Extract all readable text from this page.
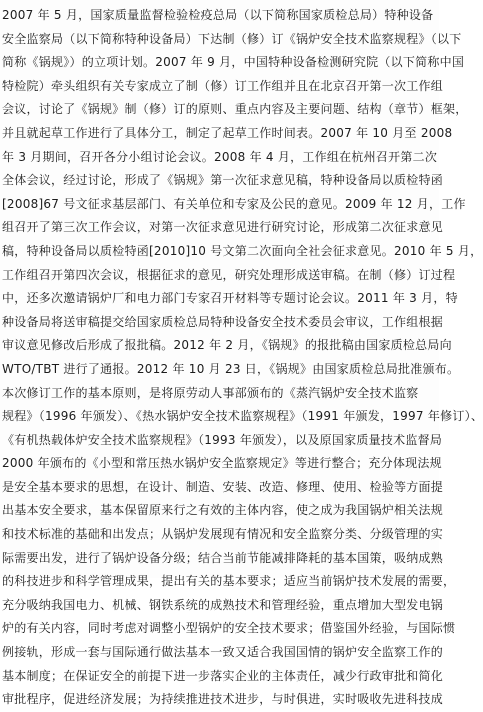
2007 年 5 月，国家质量监督检验检疫总局（以下简称国家质检总局）特种设备
安全监察局（以下简称特种设备局）下达制（修）订《锅炉安全技术监察规程》（以下
简称《锅规》）的立项计划。2007 年 9 月，中国特种设备检测研究院（以下简称中国
特检院）牵头组织有关专家成立了制（修）订工作组并且在北京召开第一次工作组
会议，讨论了《锅规》制（修）订的原则、重点内容及主要问题、结构（章节）框架，
并且就起草工作进行了具体分工，制定了起草工作时间表。2007 年 10 月至 2008
年 3 月期间，召开各分小组讨论会议。2008 年 4 月，工作组在杭州召开第二次
全体会议，经过讨论，形成了《锅规》第一次征求意见稿，特种设备局以质检特函
[2008]67 号文征求基层部门、有关单位和专家及公民的意见。2009 年 12 月，工作
组召开了第三次工作会议，对第一次征求意见进行研究讨论，形成第二次征求意见
稿，特种设备局以质检特函[2010]10 号文第二次面向全社会征求意见。2010 年 5 月，
工作组召开第四次会议，根据征求的意见，研究处理形成送审稿。在制（修）订过程
中，还多次邀请锅炉厂和电力部门专家召开材料等专题讨论会议。2011 年 3 月，特
种设备局将送审稿提交给国家质检总局特种设备安全技术委员会审议，工作组根据
审议意见修改后形成了报批稿。2012 年 2 月，《锅规》的报批稿由国家质检总局向
WTO/TBT 进行了通报。2012 年 10 月 23 日，《锅规》由国家质检总局批准颁布。
本次修订工作的基本原则，是将原劳动人事部颁布的《蒸汽锅炉安全技术监察
规程》（1996 年颁发）、《热水锅炉安全技术监察规程》（1991 年颁发，1997 年修订）、
《有机热载体炉安全技术监察规程》（1993 年颁发），以及原国家质量技术监督局
2000 年颁布的《小型和常压热水锅炉安全监察规定》等进行整合；充分体现法规
是安全基本要求的思想，在设计、制造、安装、改造、修理、使用、检验等方面提
出基本安全要求，基本保留原来行之有效的主体内容，使之成为我国锅炉相关法规
和技术标准的基础和出发点；从锅炉发展现有情况和安全监察分类、分级管理的实
际需要出发，进行了锅炉设备分级；结合当前节能减排降耗的基本国策，吸纳成熟
的科技进步和科学管理成果，提出有关的基本要求；适应当前锅炉技术发展的需要，
充分吸纳我国电力、机械、钢铁系统的成熟技术和管理经验，重点增加大型发电锅
炉的有关内容，同时考虑对调整小型锅炉的安全技术要求；借鉴国外经验，与国际惯
例接轨，形成一套与国际通行做法基本一致又适合我国国情的锅炉安全监察工作的
基本制度；在保证安全的前提下进一步落实企业的主体责任，减少行政审批和简化
审批程序，促进经济发展；为持续推进技术进步，与时俱进，实时吸收先进科技成
